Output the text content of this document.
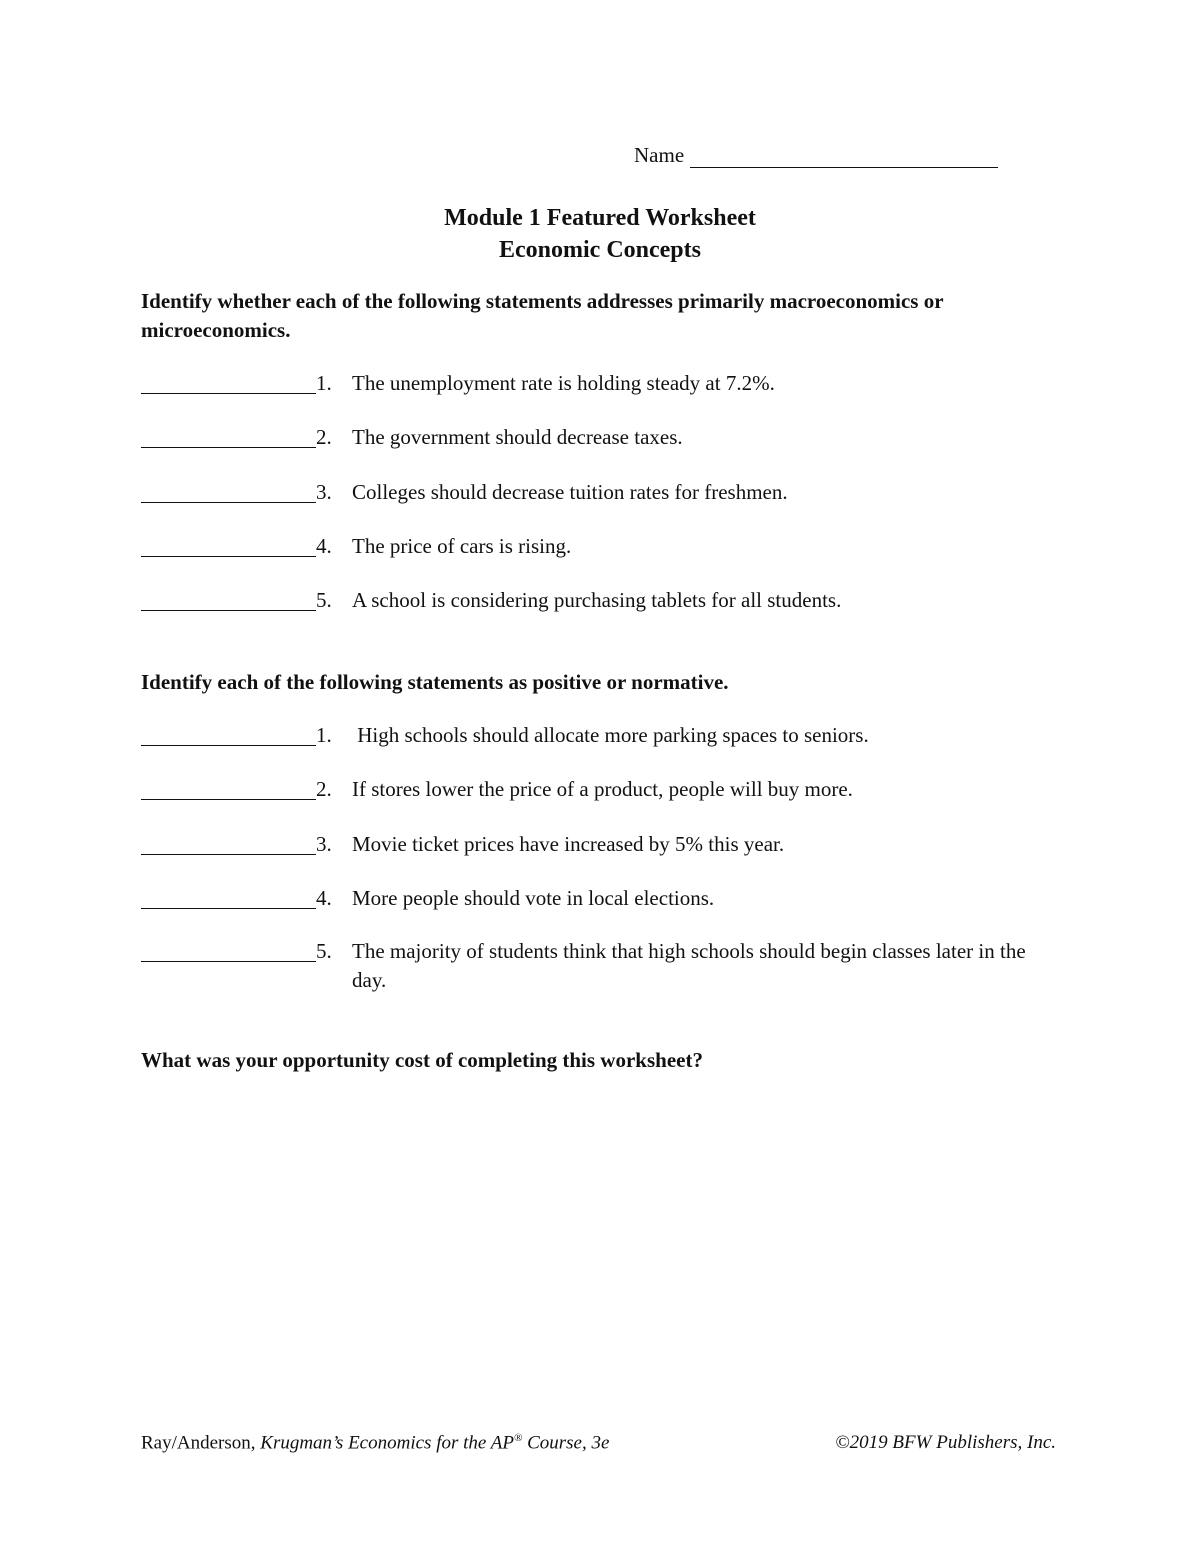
Name
Module 1 Featured Worksheet
Economic Concepts
Identify whether each of the following statements addresses primarily macroeconomics or microeconomics.
1. The unemployment rate is holding steady at 7.2%.
2. The government should decrease taxes.
3. Colleges should decrease tuition rates for freshmen.
4. The price of cars is rising.
5. A school is considering purchasing tablets for all students.
Identify each of the following statements as positive or normative.
1. High schools should allocate more parking spaces to seniors.
2. If stores lower the price of a product, people will buy more.
3. Movie ticket prices have increased by 5% this year.
4. More people should vote in local elections.
5. The majority of students think that high schools should begin classes later in the day.
What was your opportunity cost of completing this worksheet?
Ray/Anderson, Krugman’s Economics for the AP® Course, 3e	©2019 BFW Publishers, Inc.
